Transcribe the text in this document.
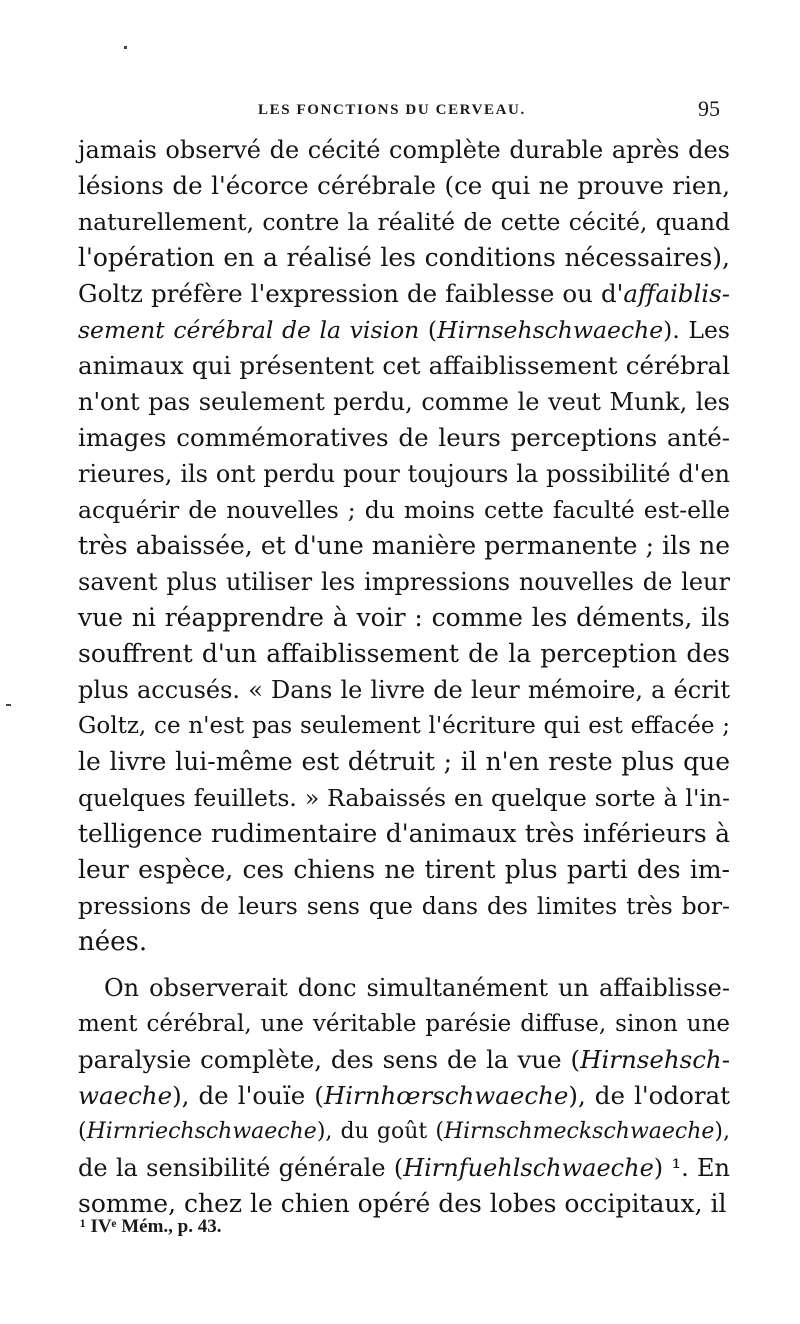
LES FONCTIONS DU CERVEAU.	95
jamais observé de cécité complète durable après des
lésions de l'écorce cérébrale (ce qui ne prouve rien,
naturellement, contre la réalité de cette cécité, quand
l'opération en a réalisé les conditions nécessaires),
Goltz préfère l'expression de faiblesse ou d'affaiblis-
sement cérébral de la vision (Hirnsehschwaeche). Les
animaux qui présentent cet affaiblissement cérébral
n'ont pas seulement perdu, comme le veut Munk, les
images commémoratives de leurs perceptions anté-
rieures, ils ont perdu pour toujours la possibilité d'en
acquérir de nouvelles ; du moins cette faculté est-elle
très abaissée, et d'une manière permanente ; ils ne
savent plus utiliser les impressions nouvelles de leur
vue ni réapprendre à voir : comme les déments, ils
souffrent d'un affaiblissement de la perception des
plus accusés. « Dans le livre de leur mémoire, a écrit
Goltz, ce n'est pas seulement l'écriture qui est effacée ;
le livre lui-même est détruit ; il n'en reste plus que
quelques feuillets. » Rabaissés en quelque sorte à l'in-
telligence rudimentaire d'animaux très inférieurs à
leur espèce, ces chiens ne tirent plus parti des im-
pressions de leurs sens que dans des limites très bor-
nées.
On observerait donc simultanément un affaiblisse-
ment cérébral, une véritable parésie diffuse, sinon une
paralysie complète, des sens de la vue (Hirnsehsch-
waeche), de l'ouïe (Hirnhœrschwaeche), de l'odorat
(Hirnriechschwaeche), du goût (Hirnschmeckschwaeche),
de la sensibilité générale (Hirnfuehlschwaeche) ¹. En
somme, chez le chien opéré des lobes occipitaux, il
¹ IVᵉ Mém., p. 43.
